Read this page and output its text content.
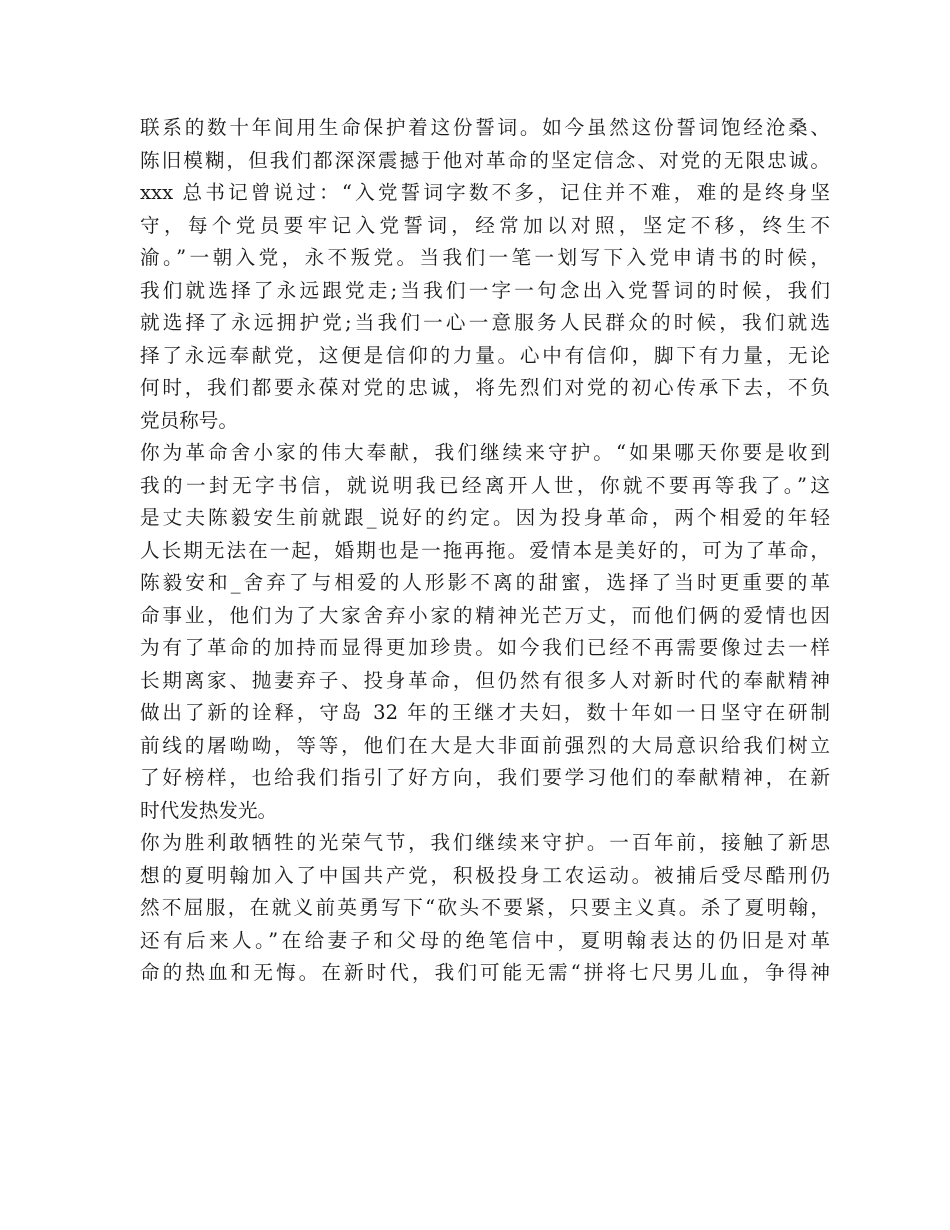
联系的数十年间用生命保护着这份誓词。如今虽然这份誓词饱经沧桑、
陈旧模糊，但我们都深深震撼于他对革命的坚定信念、对党的无限忠诚。
xxx 总书记曾说过：“入党誓词字数不多，记住并不难，难的是终身坚
守，每个党员要牢记入党誓词，经常加以对照，坚定不移，终生不
渝。”一朝入党，永不叛党。当我们一笔一划写下入党申请书的时候，
我们就选择了永远跟党走;当我们一字一句念出入党誓词的时候，我们
就选择了永远拥护党;当我们一心一意服务人民群众的时候，我们就选
择了永远奉献党，这便是信仰的力量。心中有信仰，脚下有力量，无论
何时，我们都要永葆对党的忠诚，将先烈们对党的初心传承下去，不负
党员称号。
你为革命舍小家的伟大奉献，我们继续来守护。“如果哪天你要是收到
我的一封无字书信，就说明我已经离开人世，你就不要再等我了。”这
是丈夫陈毅安生前就跟_说好的约定。因为投身革命，两个相爱的年轻
人长期无法在一起，婚期也是一拖再拖。爱情本是美好的，可为了革命，
陈毅安和_舍弃了与相爱的人形影不离的甜蜜，选择了当时更重要的革
命事业，他们为了大家舍弃小家的精神光芒万丈，而他们俩的爱情也因
为有了革命的加持而显得更加珍贵。如今我们已经不再需要像过去一样
长期离家、抛妻弃子、投身革命，但仍然有很多人对新时代的奉献精神
做出了新的诠释，守岛 32 年的王继才夫妇，数十年如一日坚守在研制
前线的屠呦呦，等等，他们在大是大非面前强烈的大局意识给我们树立
了好榜样，也给我们指引了好方向，我们要学习他们的奉献精神，在新
时代发热发光。
你为胜利敢牺牲的光荣气节，我们继续来守护。一百年前，接触了新思
想的夏明翰加入了中国共产党，积极投身工农运动。被捕后受尽酷刑仍
然不屈服，在就义前英勇写下“砍头不要紧，只要主义真。杀了夏明翰，
还有后来人。”在给妻子和父母的绝笔信中，夏明翰表达的仍旧是对革
命的热血和无悔。在新时代，我们可能无需“拼将七尺男儿血，争得神
